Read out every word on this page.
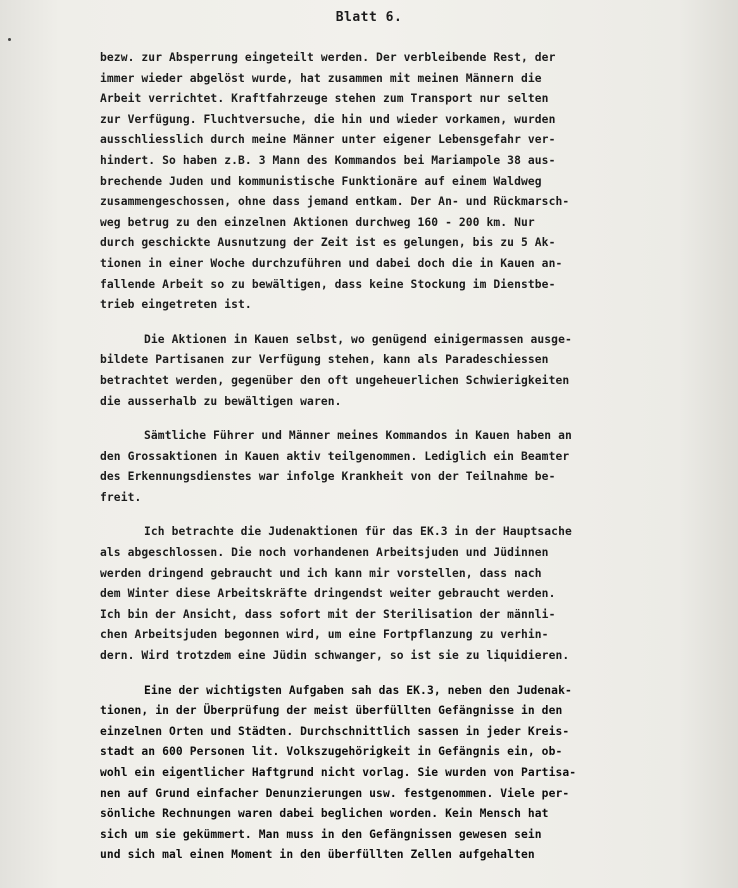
Blatt 6.
bezw. zur Absperrung eingeteilt werden. Der verbleibende Rest, der
immer wieder abgelöst wurde, hat zusammen mit meinen Männern die
Arbeit verrichtet. Kraftfahrzeuge stehen zum Transport nur selten
zur Verfügung. Fluchtversuche, die hin und wieder vorkamen, wurden
ausschliesslich durch meine Männer unter eigener Lebensgefahr ver-
hindert. So haben z.B. 3 Mann des Kommandos bei Mariampole 38 aus-
brechende Juden und kommunistische Funktionäre auf einem Waldweg
zusammengeschossen, ohne dass jemand entkam. Der An- und Rückmarsch-
weg betrug zu den einzelnen Aktionen durchweg 160 - 200 km. Nur
durch geschickte Ausnutzung der Zeit ist es gelungen, bis zu 5 Ak-
tionen in einer Woche durchzuführen und dabei doch die in Kauen an-
fallende Arbeit so zu bewältigen, dass keine Stockung im Dienstbe-
trieb eingetreten ist.
Die Aktionen in Kauen selbst, wo genügend einigermassen ausge-
bildete Partisanen zur Verfügung stehen, kann als Paradeschiessen
betrachtet werden, gegenüber den oft ungeheuerlichen Schwierigkeiten
die ausserhalb zu bewältigen waren.
Sämtliche Führer und Männer meines Kommandos in Kauen haben an
den Grossaktionen in Kauen aktiv teilgenommen. Lediglich ein Beamter
des Erkennungsdienstes war infolge Krankheit von der Teilnahme be-
freit.
Ich betrachte die Judenaktionen für das EK.3 in der Hauptsache
als abgeschlossen. Die noch vorhandenen Arbeitsjuden und Jüdinnen
werden dringend gebraucht und ich kann mir vorstellen, dass nach
dem Winter diese Arbeitskräfte dringendst weiter gebraucht werden.
Ich bin der Ansicht, dass sofort mit der Sterilisation der männli-
chen Arbeitsjuden begonnen wird, um eine Fortpflanzung zu verhin-
dern. Wird trotzdem eine Jüdin schwanger, so ist sie zu liquidieren.
Eine der wichtigsten Aufgaben sah das EK.3, neben den Judenak-
tionen, in der Überprüfung der meist überfüllten Gefängnisse in den
einzelnen Orten und Städten. Durchschnittlich sassen in jeder Kreis-
stadt an 600 Personen lit. Volkszugehörigkeit in Gefängnis ein, ob-
wohl ein eigentlicher Haftgrund nicht vorlag. Sie wurden von Partisa-
nen auf Grund einfacher Denunzierungen usw. festgenommen. Viele per-
sönliche Rechnungen waren dabei beglichen worden. Kein Mensch hat
sich um sie gekümmert. Man muss in den Gefängnissen gewesen sein
und sich mal einen Moment in den überfüllten Zellen aufgehalten
